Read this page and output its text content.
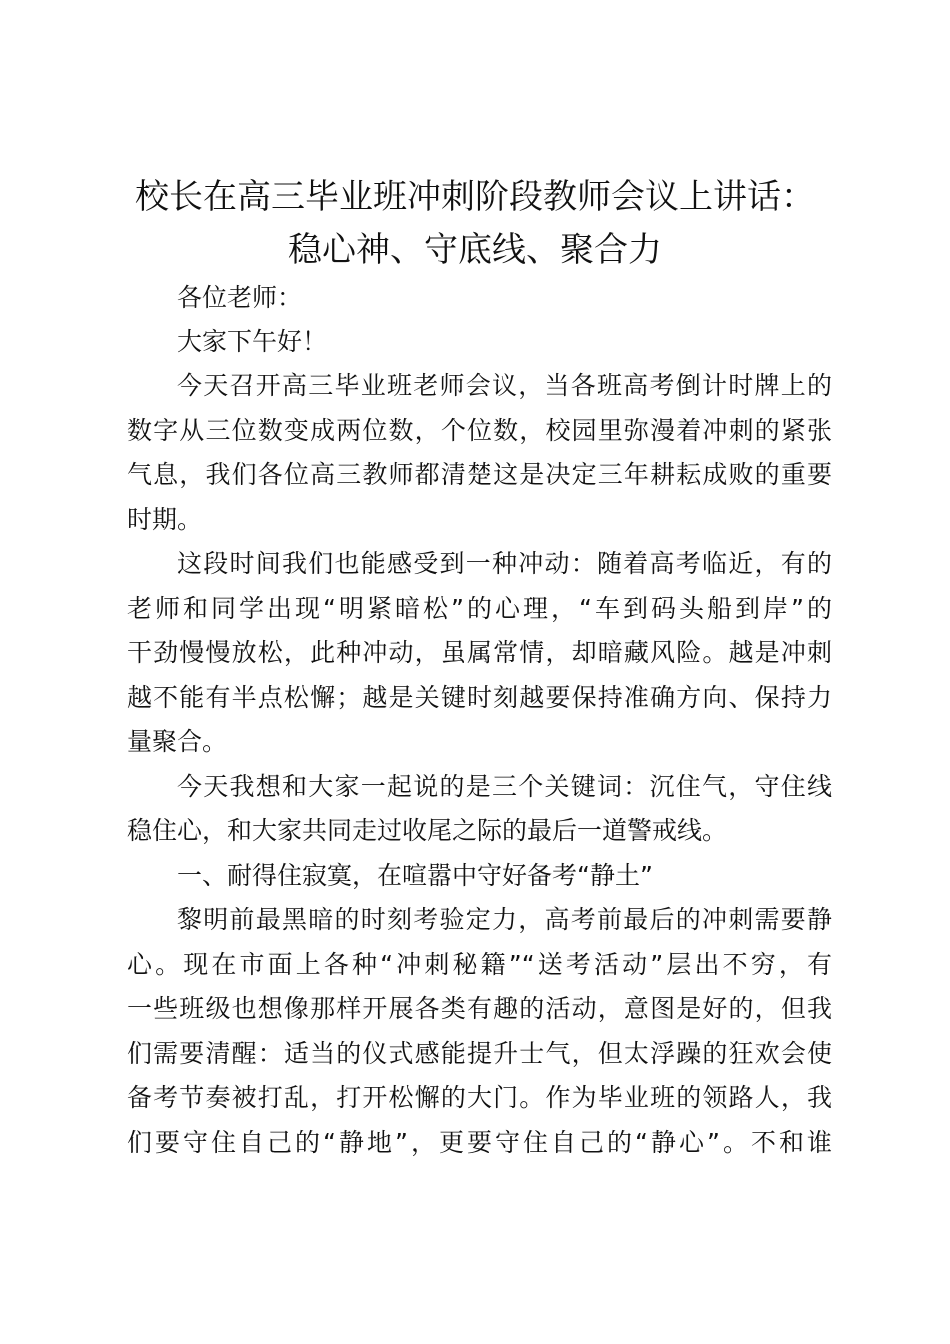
校长在高三毕业班冲刺阶段教师会议上讲话：
稳心神、守底线、聚合力
各位老师：
大家下午好！
今天召开高三毕业班老师会议，当各班高考倒计时牌上的
数字从三位数变成两位数，个位数，校园里弥漫着冲刺的紧张
气息，我们各位高三教师都清楚这是决定三年耕耘成败的重要
时期。
这段时间我们也能感受到一种冲动：随着高考临近，有的
老师和同学出现“明紧暗松”的心理，“车到码头船到岸”的
干劲慢慢放松，此种冲动，虽属常情，却暗藏风险。越是冲刺
越不能有半点松懈；越是关键时刻越要保持准确方向、保持力
量聚合。
今天我想和大家一起说的是三个关键词：沉住气，守住线
稳住心，和大家共同走过收尾之际的最后一道警戒线。
一、耐得住寂寞，在喧嚣中守好备考“静土”
黎明前最黑暗的时刻考验定力，高考前最后的冲刺需要静
心。现在市面上各种“冲刺秘籍”“送考活动”层出不穷，有
一些班级也想像那样开展各类有趣的活动，意图是好的，但我
们需要清醒：适当的仪式感能提升士气，但太浮躁的狂欢会使
备考节奏被打乱，打开松懈的大门。作为毕业班的领路人，我
们要守住自己的“静地”，更要守住自己的“静心”。不和谁
